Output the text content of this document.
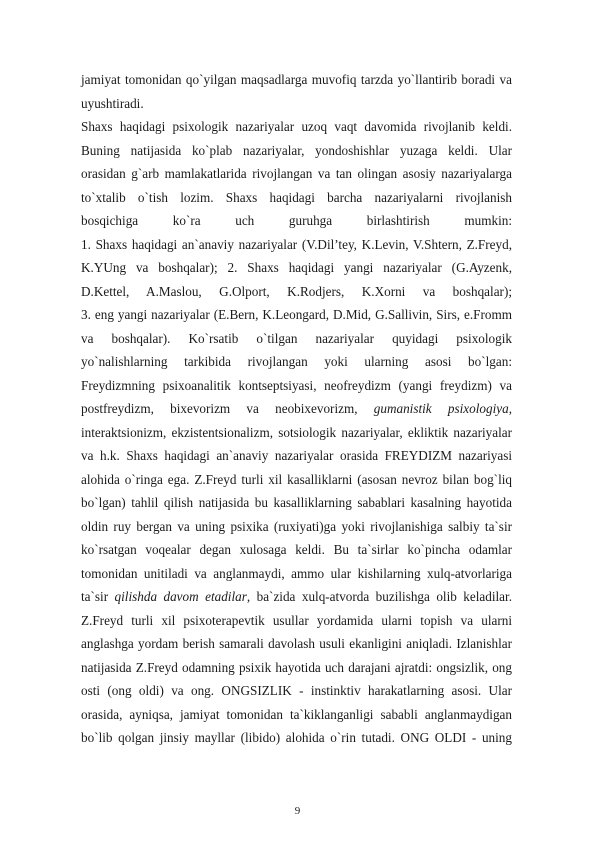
jamiyat tomonidan qo`yilgan maqsadlarga muvofiq tarzda yo`llantirib boradi va
uyushtiradi.
Shaxs haqidagi psixologik nazariyalar uzoq vaqt davomida rivojlanib keldi.
Buning natijasida ko`plab nazariyalar, yondoshishlar yuzaga keldi. Ular
orasidan g`arb mamlakatlarida rivojlangan va tan olingan asosiy nazariyalarga
to`xtalib o`tish lozim. Shaxs haqidagi barcha nazariyalarni rivojlanish
bosqichiga ko`ra uch guruhga birlashtirish mumkin:
1. Shaxs haqidagi an`anaviy nazariyalar (V.Dil’tey, K.Levin, V.Shtern, Z.Freyd,
K.YUng va boshqalar); 2. Shaxs haqidagi yangi nazariyalar (G.Ayzenk,
D.Kettel, A.Maslou, G.Olport, K.Rodjers, K.Xorni va boshqalar);
3. eng yangi nazariyalar (E.Bern, K.Leongard, D.Mid, G.Sallivin, Sirs, e.Fromm
va boshqalar). Ko`rsatib o`tilgan nazariyalar quyidagi psixologik
yo`nalishlarning tarkibida rivojlangan yoki ularning asosi bo`lgan:
Freydizmning psixoanalitik kontseptsiyasi, neofreydizm (yangi freydizm) va
postfreydizm, bixevorizm va neobixevorizm, gumanistik psixologiya,
interaktsionizm, ekzistentsionalizm, sotsiologik nazariyalar, ekliktik nazariyalar
va h.k. Shaxs haqidagi an`anaviy nazariyalar orasida FREYDIZM nazariyasi
alohida o`ringa ega. Z.Freyd turli xil kasalliklarni (asosan nevroz bilan bog`liq
bo`lgan) tahlil qilish natijasida bu kasalliklarning sabablari kasalning hayotida
oldin ruy bergan va uning psixika (ruxiyati)ga yoki rivojlanishiga salbiy ta`sir
ko`rsatgan voqealar degan xulosaga keldi. Bu ta`sirlar ko`pincha odamlar
tomonidan unitiladi va anglanmaydi, ammo ular kishilarning xulq-atvorlariga
ta`sir qilishda davom etadilar, ba`zida xulq-atvorda buzilishga olib keladilar.
Z.Freyd turli xil psixoterapevtik usullar yordamida ularni topish va ularni
anglashga yordam berish samarali davolash usuli ekanligini aniqladi. Izlanishlar
natijasida Z.Freyd odamning psixik hayotida uch darajani ajratdi: ongsizlik, ong
osti (ong oldi) va ong. ONGSIZLIK - instinktiv harakatlarning asosi. Ular
orasida, ayniqsa, jamiyat tomonidan ta`kiklanganligi sababli anglanmaydigan
bo`lib qolgan jinsiy mayllar (libido) alohida o`rin tutadi. ONG OLDI - uning
9
